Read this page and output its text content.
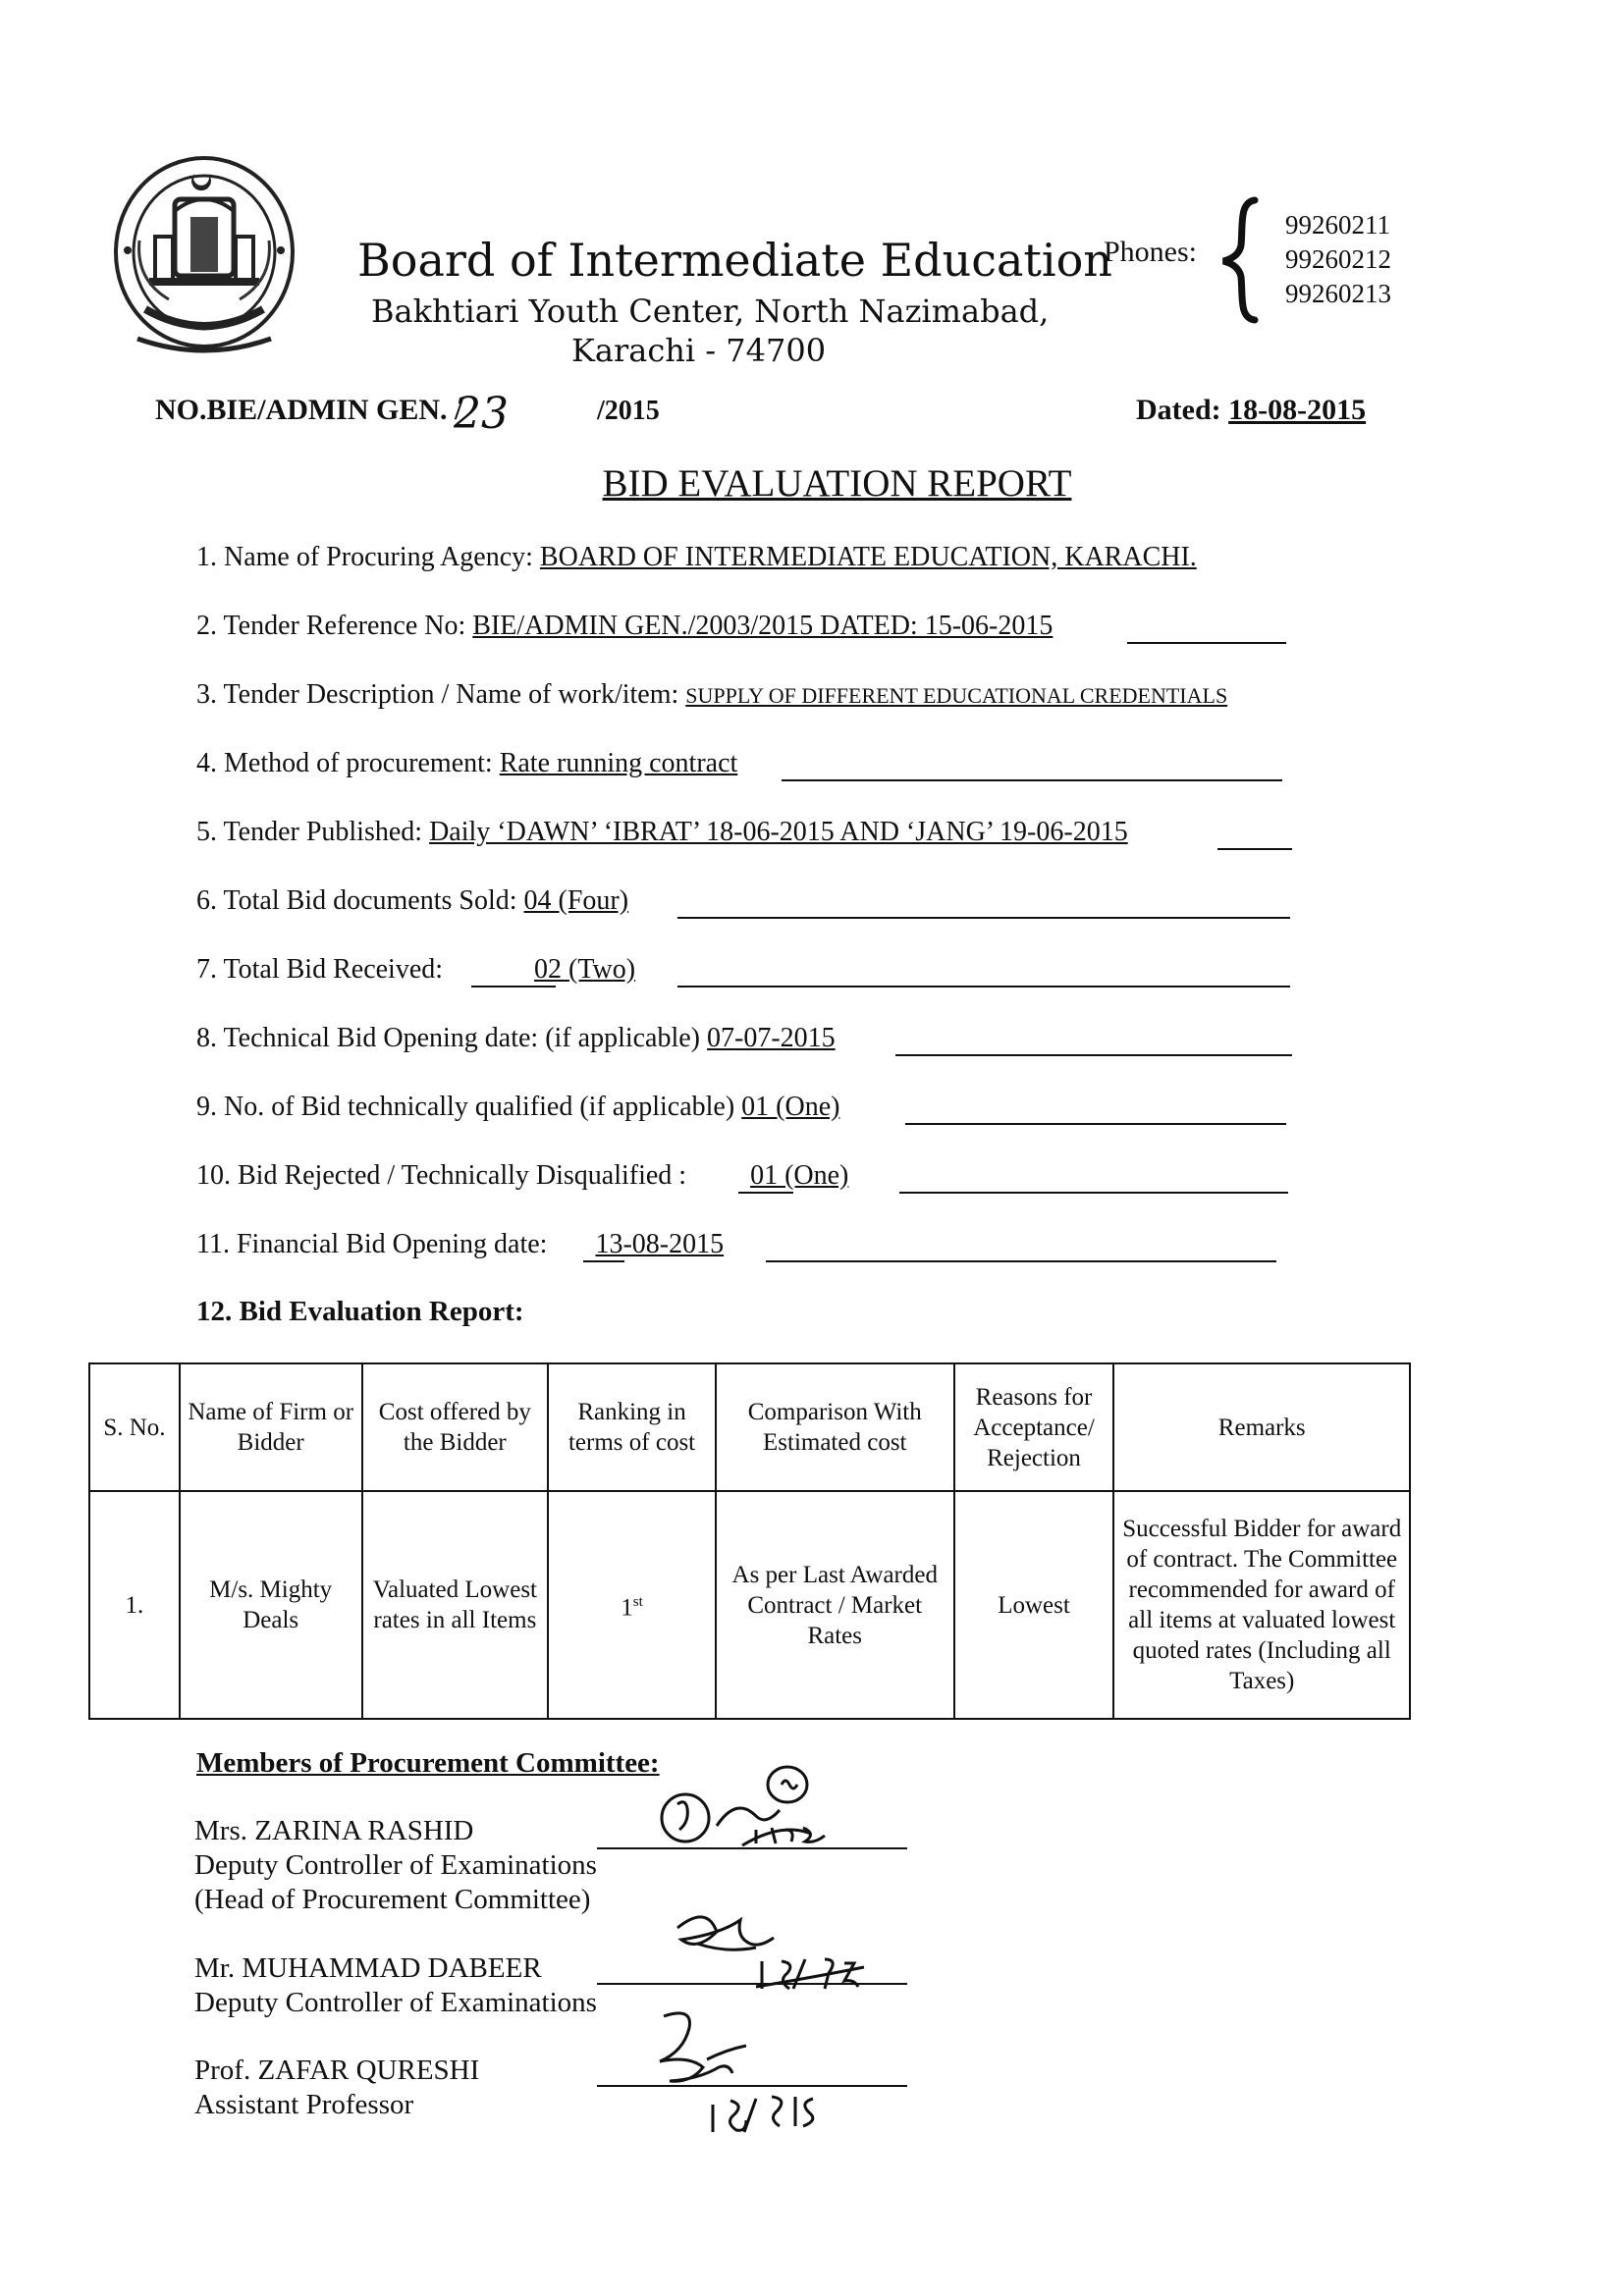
Board of Intermediate Education
Bakhtiari Youth Center, North Nazimabad,
Karachi - 74700
Phones:
99260211
99260212
99260213
NO.BIE/ADMIN GEN. /
23	/2015	Dated: 18-08-2015
BID EVALUATION REPORT
1. Name of Procuring Agency: BOARD OF INTERMEDIATE EDUCATION, KARACHI.
2. Tender Reference No: BIE/ADMIN GEN./2003/2015 DATED: 15-06-2015
3. Tender Description / Name of work/item: SUPPLY OF DIFFERENT EDUCATIONAL CREDENTIALS
4. Method of procurement: Rate running contract
5. Tender Published: Daily ‘DAWN’ ‘IBRAT’ 18-06-2015 AND ‘JANG’ 19-06-2015
6. Total Bid documents Sold: 04 (Four)
7. Total Bid Received:	02 (Two)
8. Technical Bid Opening date: (if applicable) 07-07-2015
9. No. of Bid technically qualified (if applicable) 01 (One)
10. Bid Rejected / Technically Disqualified : 01 (One)
11. Financial Bid Opening date: 13-08-2015
12. Bid Evaluation Report:
S. No.	Name of Firm or Bidder	Cost offered by the Bidder	Ranking in terms of cost	Comparison With Estimated cost	Reasons for Acceptance/ Rejection	Remarks
1.	M/s. Mighty Deals	Valuated Lowest rates in all Items	1st	As per Last Awarded Contract / Market Rates	Lowest	Successful Bidder for award of contract. The Committee recommended for award of all items at valuated lowest quoted rates (Including all Taxes)
Members of Procurement Committee:
Mrs. ZARINA RASHID
Deputy Controller of Examinations
(Head of Procurement Committee)
Mr. MUHAMMAD DABEER
Deputy Controller of Examinations
Prof. ZAFAR QURESHI
Assistant Professor
